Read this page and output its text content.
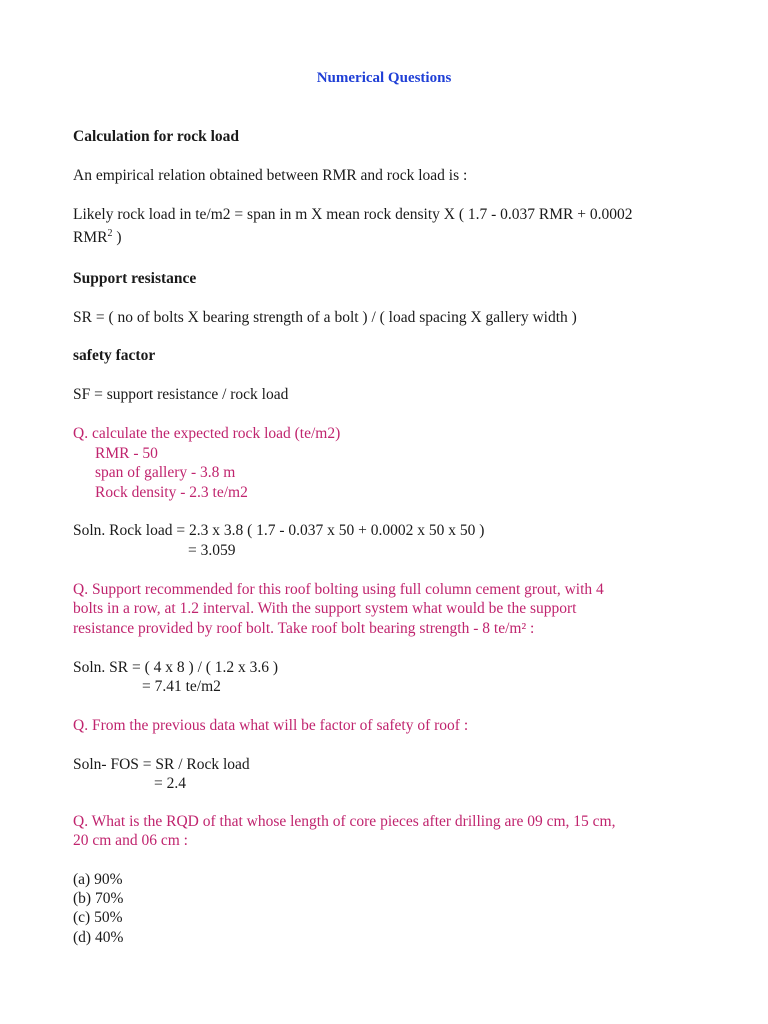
Numerical Questions
Calculation for rock load
An empirical relation obtained between RMR and rock load is :
Likely rock load in te/m2 = span in m X mean rock density X ( 1.7 - 0.037 RMR + 0.0002
RMR$^2$ )
Support resistance
SR = ( no of bolts X bearing strength of a bolt ) / ( load spacing X gallery width )
safety factor
SF = support resistance / rock load
Q. calculate the expected rock load (te/m2)
RMR - 50
span of gallery - 3.8 m
Rock density - 2.3 te/m2
Soln. Rock load = 2.3 x 3.8 ( 1.7 - 0.037 x 50 + 0.0002 x 50 x 50 )
= 3.059
Q. Support recommended for this roof bolting using full column cement grout, with 4
bolts in a row, at 1.2 interval. With the support system what would be the support
resistance provided by roof bolt. Take roof bolt bearing strength - 8 te/m² :
Soln. SR = ( 4 x 8 ) / ( 1.2 x 3.6 )
= 7.41 te/m2
Q. From the previous data what will be factor of safety of roof :
Soln- FOS = SR / Rock load
= 2.4
Q. What is the RQD of that whose length of core pieces after drilling are 09 cm, 15 cm,
20 cm and 06 cm :
(a) 90%
(b) 70%
(c) 50%
(d) 40%
